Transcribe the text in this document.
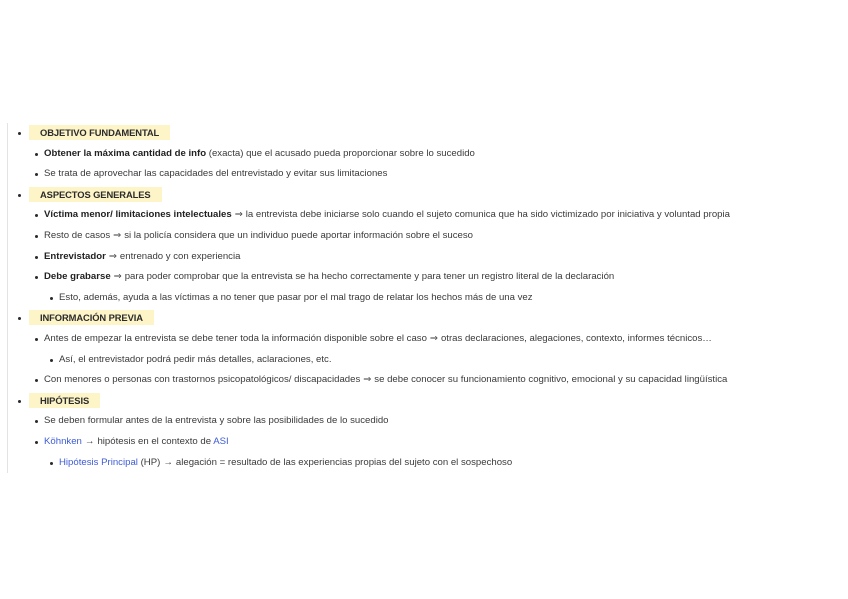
OBJETIVO FUNDAMENTAL
Obtener la máxima cantidad de info (exacta) que el acusado pueda proporcionar sobre lo sucedido
Se trata de aprovechar las capacidades del entrevistado y evitar sus limitaciones
ASPECTOS GENERALES
Víctima menor/ limitaciones intelectuales ⇒ la entrevista debe iniciarse solo cuando el sujeto comunica que ha sido victimizado por iniciativa y voluntad propia
Resto de casos ⇒ si la policía considera que un individuo puede aportar información sobre el suceso
Entrevistador ⇒ entrenado y con experiencia
Debe grabarse ⇒ para poder comprobar que la entrevista se ha hecho correctamente y para tener un registro literal de la declaración
Esto, además, ayuda a las víctimas a no tener que pasar por el mal trago de relatar los hechos más de una vez
INFORMACIÓN PREVIA
Antes de empezar la entrevista se debe tener toda la información disponible sobre el caso ⇒ otras declaraciones, alegaciones, contexto, informes técnicos…
Así, el entrevistador podrá pedir más detalles, aclaraciones, etc.
Con menores o personas con trastornos psicopatológicos/ discapacidades ⇒ se debe conocer su funcionamiento cognitivo, emocional y su capacidad lingüística
HIPÓTESIS
Se deben formular antes de la entrevista y sobre las posibilidades de lo sucedido
Köhnken → hipótesis en el contexto de ASI
Hipótesis Principal (HP) → alegación = resultado de las experiencias propias del sujeto con el sospechoso
